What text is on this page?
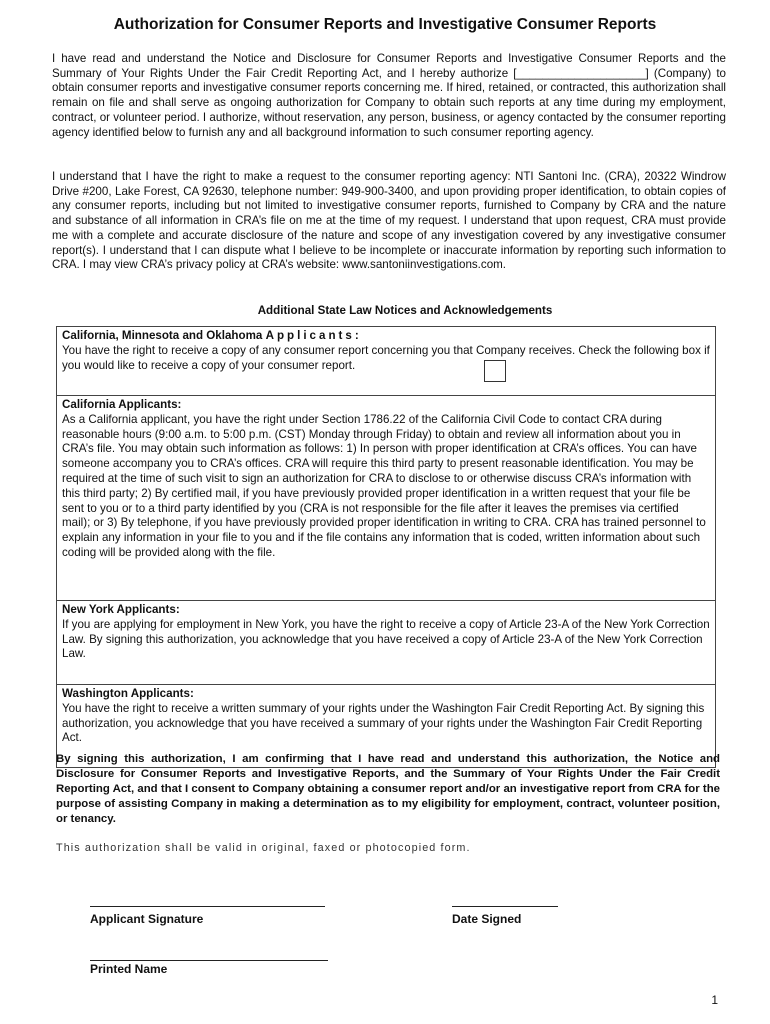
Authorization for Consumer Reports and Investigative Consumer Reports

I have read and understand the Notice and Disclosure for Consumer Reports and Investigative Consumer Reports and the Summary of Your Rights Under the Fair Credit Reporting Act, and I hereby authorize [____________________] (Company) to obtain consumer reports and investigative consumer reports concerning me. If hired, retained, or contracted, this authorization shall remain on file and shall serve as ongoing authorization for Company to obtain such reports at any time during my employment, contract, or volunteer period. I authorize, without reservation, any person, business, or agency contacted by the consumer reporting agency identified below to furnish any and all background information to such consumer reporting agency.

I understand that I have the right to make a request to the consumer reporting agency: NTI Santoni Inc. (CRA), 20322 Windrow Drive #200, Lake Forest, CA 92630, telephone number: 949-900-3400, and upon providing proper identification, to obtain copies of any consumer reports, including but not limited to investigative consumer reports, furnished to Company by CRA and the nature and substance of all information in CRA’s file on me at the time of my request. I understand that upon request, CRA must provide me with a complete and accurate disclosure of the nature and scope of any investigation covered by any investigative consumer report(s). I understand that I can dispute what I believe to be incomplete or inaccurate information by reporting such information to CRA. I may view CRA’s privacy policy at CRA’s website: www.santoniinvestigations.com.

Additional State Law Notices and Acknowledgements
California, Minnesota and Oklahoma Applicants:
You have the right to receive a copy of any consumer report concerning you that Company receives. Check the following box if you would like to receive a copy of your consumer report.
California Applicants:
As a California applicant, you have the right under Section 1786.22 of the California Civil Code to contact CRA during reasonable hours (9:00 a.m. to 5:00 p.m. (CST) Monday through Friday) to obtain and review all information about you in CRA’s file. You may obtain such information as follows: 1) In person with proper identification at CRA’s offices. You can have someone accompany you to CRA’s offices. CRA will require this third party to present reasonable identification. You may be required at the time of such visit to sign an authorization for CRA to disclose to or otherwise discuss CRA’s information with this third party; 2) By certified mail, if you have previously provided proper identification in a written request that your file be sent to you or to a third party identified by you (CRA is not responsible for the file after it leaves the premises via certified mail); or 3) By telephone, if you have previously provided proper identification in writing to CRA. CRA has trained personnel to explain any information in your file to you and if the file contains any information that is coded, written information about such coding will be provided along with the file.
New York Applicants:
If you are applying for employment in New York, you have the right to receive a copy of Article 23-A of the New York Correction Law. By signing this authorization, you acknowledge that you have received a copy of Article 23-A of the New York Correction Law.
Washington Applicants:
You have the right to receive a written summary of your rights under the Washington Fair Credit Reporting Act. By signing this authorization, you acknowledge that you have received a summary of your rights under the Washington Fair Credit Reporting Act.

By signing this authorization, I am confirming that I have read and understand this authorization, the Notice and Disclosure for Consumer Reports and Investigative Reports, and the Summary of Your Rights Under the Fair Credit Reporting Act, and that I consent to Company obtaining a consumer report and/or an investigative report from CRA for the purpose of assisting Company in making a determination as to my eligibility for employment, contract, volunteer position, or tenancy.

This authorization shall be valid in original, faxed or photocopied form.
Applicant Signature	Date Signed
Printed Name
1
